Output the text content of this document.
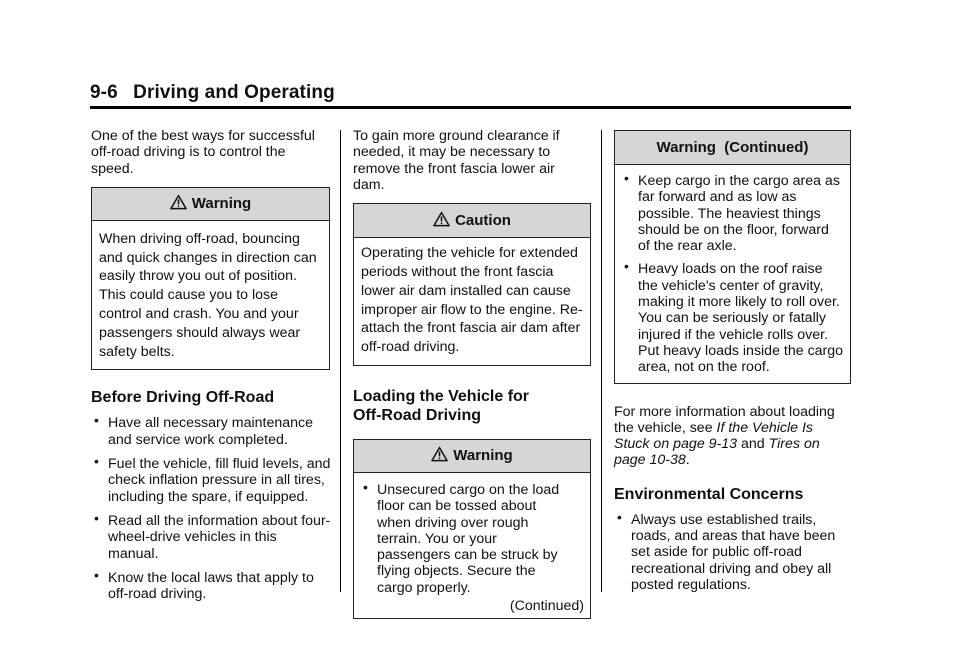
9-6 Driving and Operating

One of the best ways for successful off-road driving is to control the speed.

Warning
When driving off-road, bouncing and quick changes in direction can easily throw you out of position. This could cause you to lose control and crash. You and your passengers should always wear safety belts.

Before Driving Off-Road

• Have all necessary maintenance and service work completed.
• Fuel the vehicle, fill fluid levels, and check inflation pressure in all tires, including the spare, if equipped.
• Read all the information about four-wheel-drive vehicles in this manual.
• Know the local laws that apply to off-road driving.

To gain more ground clearance if needed, it may be necessary to remove the front fascia lower air dam.

Caution
Operating the vehicle for extended periods without the front fascia lower air dam installed can cause improper air flow to the engine. Re-attach the front fascia air dam after off-road driving.

Loading the Vehicle for
Off-Road Driving

Warning
• Unsecured cargo on the load floor can be tossed about when driving over rough terrain. You or your passengers can be struck by flying objects. Secure the cargo properly.
(Continued)
Warning  (Continued)
• Keep cargo in the cargo area as far forward and as low as possible. The heaviest things should be on the floor, forward of the rear axle.
• Heavy loads on the roof raise the vehicle's center of gravity, making it more likely to roll over. You can be seriously or fatally injured if the vehicle rolls over. Put heavy loads inside the cargo area, not on the roof.

For more information about loading the vehicle, see If the Vehicle Is Stuck on page 9-13 and Tires on page 10-38.

Environmental Concerns

• Always use established trails, roads, and areas that have been set aside for public off-road recreational driving and obey all posted regulations.
